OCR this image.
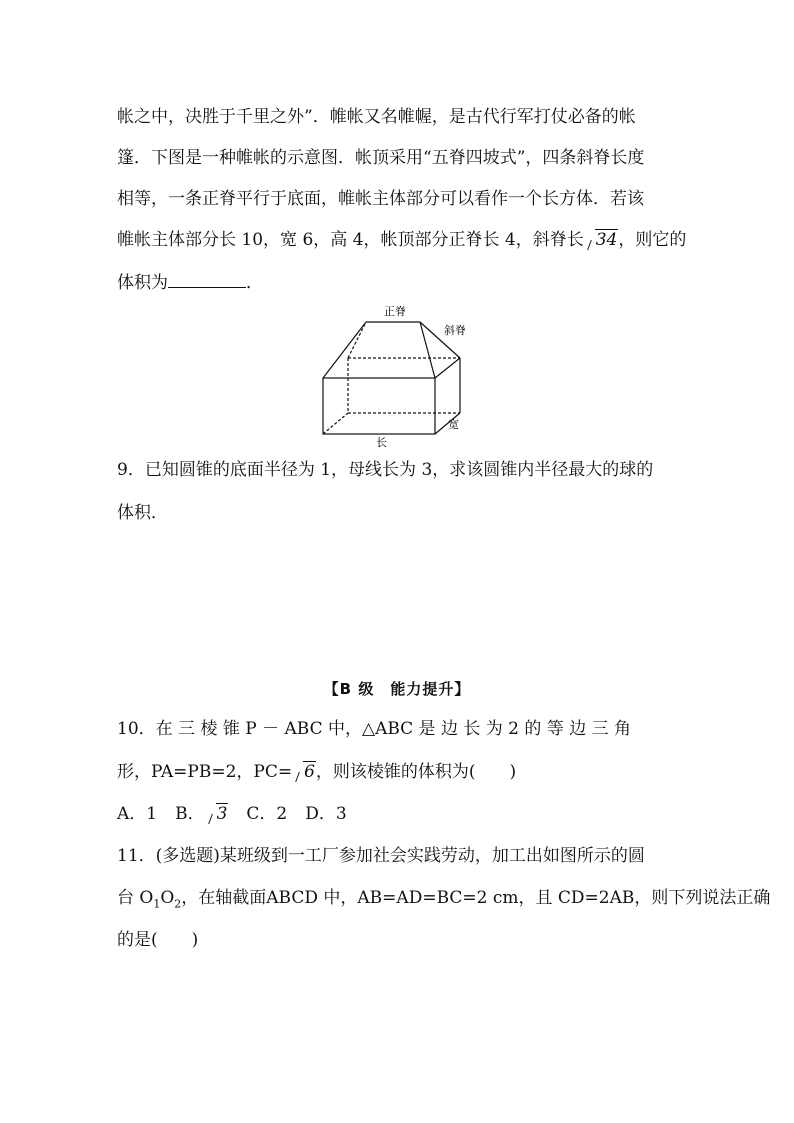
帐之中，决胜于千里之外”．帷帐又名帷幄，是古代行军打仗必备的帐
篷．下图是一种帷帐的示意图．帐顶采用“五脊四坡式”，四条斜脊长度
相等，一条正脊平行于底面，帷帐主体部分可以看作一个长方体．若该
帷帐主体部分长 10，宽 6，高 4，帐顶部分正脊长 4，斜脊长 34，则它的
体积为	．
正脊
斜脊
长
宽
9．已知圆锥的底面半径为 1，母线长为 3，求该圆锥内半径最大的球的
体积．
【B 级　能力提升】
10．在 三 棱 锥 P － ABC 中，△ABC 是 边 长 为 2 的 等 边 三 角
形，PA=PB=2，PC= 6，则该棱锥的体积为(　　)
A．1 B． 3 C．2 D．3
11．(多选题)某班级到一工厂参加社会实践劳动，加工出如图所示的圆
台 $O_1O_2$，在轴截面ABCD 中，AB=AD=BC=2 cm，且 CD=2AB，则下列说法正确
的是(　　)
